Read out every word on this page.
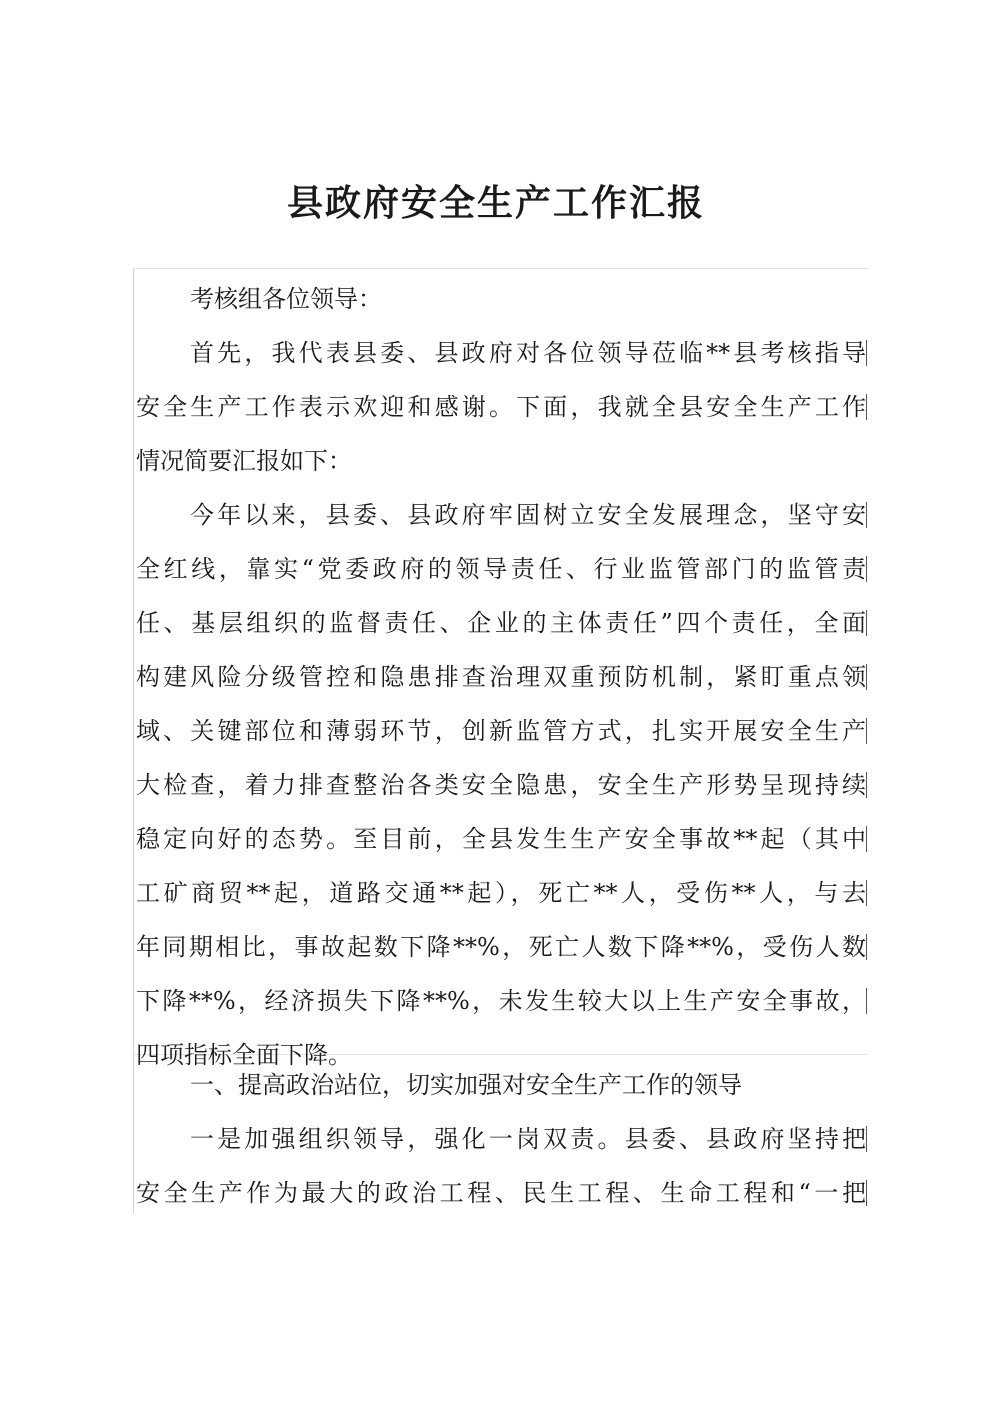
县政府安全生产工作汇报

考核组各位领导：

首先，我代表县委、县政府对各位领导莅临**县考核指导
安全生产工作表示欢迎和感谢。下面，我就全县安全生产工作
情况简要汇报如下：

今年以来，县委、县政府牢固树立安全发展理念，坚守安
全红线，靠实“党委政府的领导责任、行业监管部门的监管责
任、基层组织的监督责任、企业的主体责任”四个责任，全面
构建风险分级管控和隐患排查治理双重预防机制，紧盯重点领
域、关键部位和薄弱环节，创新监管方式，扎实开展安全生产
大检查，着力排查整治各类安全隐患，安全生产形势呈现持续
稳定向好的态势。至目前，全县发生生产安全事故**起（其中
工矿商贸**起，道路交通**起），死亡**人，受伤**人，与去
年同期相比，事故起数下降**%，死亡人数下降**%，受伤人数
下降**%，经济损失下降**%，未发生较大以上生产安全事故，
四项指标全面下降。

一、提高政治站位，切实加强对安全生产工作的领导

一是加强组织领导，强化一岗双责。县委、县政府坚持把
安全生产作为最大的政治工程、民生工程、生命工程和“一把
